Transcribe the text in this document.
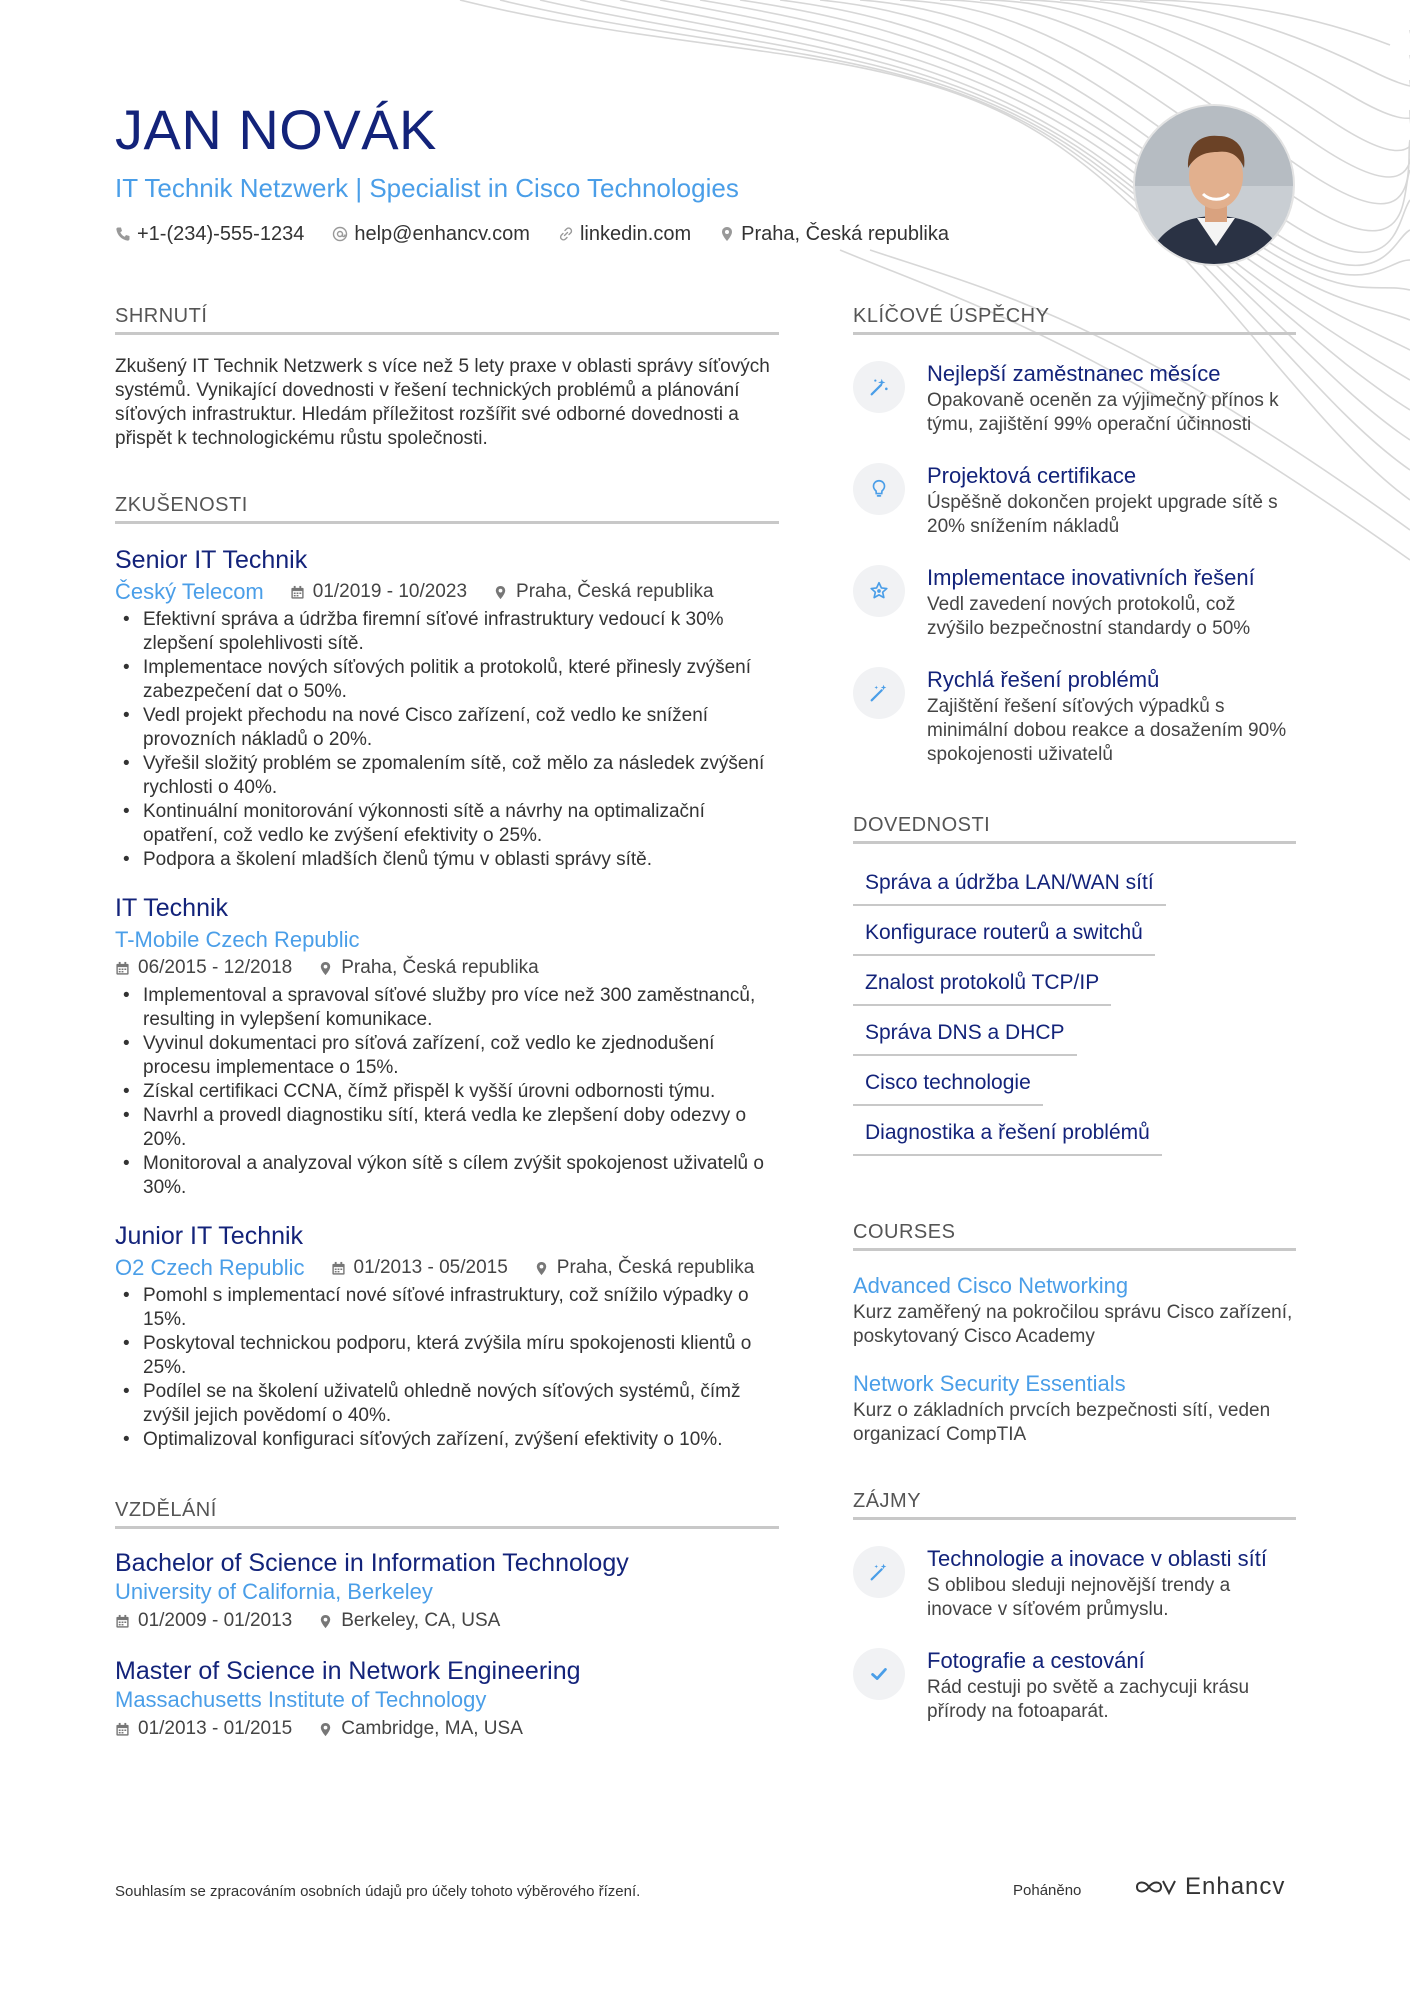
JAN NOVÁK
IT Technik Netzwerk | Specialist in Cisco Technologies
+1-(234)-555-1234	help@enhancv.com	linkedin.com	Praha, Česká republika
SHRNUTÍ
Zkušený IT Technik Netzwerk s více než 5 lety praxe v oblasti správy síťových systémů. Vynikající dovednosti v řešení technických problémů a plánování síťových infrastruktur. Hledám příležitost rozšířit své odborné dovednosti a přispět k technologickému růstu společnosti.
ZKUŠENOSTI
Senior IT Technik
Český Telecom	01/2019 - 10/2023	Praha, Česká republika
• Efektivní správa a údržba firemní síťové infrastruktury vedoucí k 30% zlepšení spolehlivosti sítě.
• Implementace nových síťových politik a protokolů, které přinesly zvýšení zabezpečení dat o 50%.
• Vedl projekt přechodu na nové Cisco zařízení, což vedlo ke snížení provozních nákladů o 20%.
• Vyřešil složitý problém se zpomalením sítě, což mělo za následek zvýšení rychlosti o 40%.
• Kontinuální monitorování výkonnosti sítě a návrhy na optimalizační opatření, což vedlo ke zvýšení efektivity o 25%.
• Podpora a školení mladších členů týmu v oblasti správy sítě.
IT Technik
T-Mobile Czech Republic
06/2015 - 12/2018	Praha, Česká republika
• Implementoval a spravoval síťové služby pro více než 300 zaměstnanců, resulting in vylepšení komunikace.
• Vyvinul dokumentaci pro síťová zařízení, což vedlo ke zjednodušení procesu implementace o 15%.
• Získal certifikaci CCNA, čímž přispěl k vyšší úrovni odbornosti týmu.
• Navrhl a provedl diagnostiku sítí, která vedla ke zlepšení doby odezvy o 20%.
• Monitoroval a analyzoval výkon sítě s cílem zvýšit spokojenost uživatelů o 30%.
Junior IT Technik
O2 Czech Republic	01/2013 - 05/2015	Praha, Česká republika
• Pomohl s implementací nové síťové infrastruktury, což snížilo výpadky o 15%.
• Poskytoval technickou podporu, která zvýšila míru spokojenosti klientů o 25%.
• Podílel se na školení uživatelů ohledně nových síťových systémů, čímž zvýšil jejich povědomí o 40%.
• Optimalizoval konfiguraci síťových zařízení, zvýšení efektivity o 10%.
VZDĚLÁNÍ
Bachelor of Science in Information Technology
University of California, Berkeley
01/2009 - 01/2013	Berkeley, CA, USA
Master of Science in Network Engineering
Massachusetts Institute of Technology
01/2013 - 01/2015	Cambridge, MA, USA
KLÍČOVÉ ÚSPĚCHY
Nejlepší zaměstnanec měsíce
Opakovaně oceněn za výjimečný přínos k týmu, zajištění 99% operační účinnosti
Projektová certifikace
Úspěšně dokončen projekt upgrade sítě s 20% snížením nákladů
Implementace inovativních řešení
Vedl zavedení nových protokolů, což zvýšilo bezpečnostní standardy o 50%
Rychlá řešení problémů
Zajištění řešení síťových výpadků s minimální dobou reakce a dosažením 90% spokojenosti uživatelů
DOVEDNOSTI
Správa a údržba LAN/WAN sítí
Konfigurace routerů a switchů
Znalost protokolů TCP/IP
Správa DNS a DHCP
Cisco technologie
Diagnostika a řešení problémů
COURSES
Advanced Cisco Networking
Kurz zaměřený na pokročilou správu Cisco zařízení, poskytovaný Cisco Academy
Network Security Essentials
Kurz o základních prvcích bezpečnosti sítí, veden organizací CompTIA
ZÁJMY
Technologie a inovace v oblasti sítí
S oblibou sleduji nejnovější trendy a inovace v síťovém průmyslu.
Fotografie a cestování
Rád cestuji po světě a zachycuji krásu přírody na fotoaparát.
Souhlasím se zpracováním osobních údajů pro účely tohoto výběrového řízení.	Poháněno	Enhancv
